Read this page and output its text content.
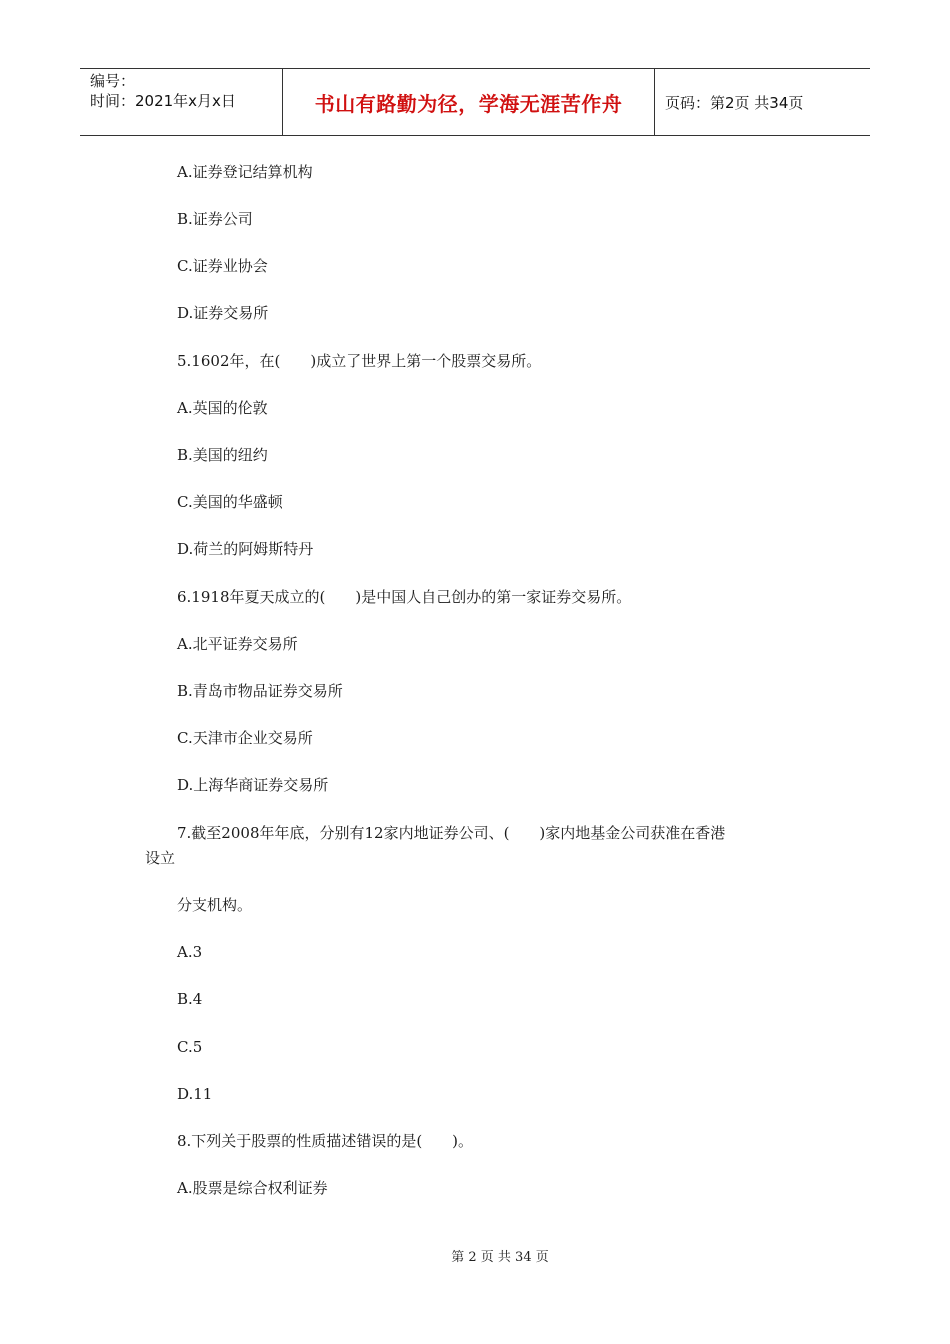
编号：
时间：2021年x月x日	书山有路勤为径，学海无涯苦作舟	页码：第2页 共34页
A.证券登记结算机构
B.证券公司
C.证券业协会
D.证券交易所
5.1602年，在(　　)成立了世界上第一个股票交易所。
A.英国的伦敦
B.美国的纽约
C.美国的华盛顿
D.荷兰的阿姆斯特丹
6.1918年夏天成立的(　　)是中国人自己创办的第一家证券交易所。
A.北平证券交易所
B.青岛市物品证券交易所
C.天津市企业交易所
D.上海华商证券交易所
7.截至2008年年底，分别有12家内地证券公司、(　　)家内地基金公司获准在香港
设立
分支机构。
A.3
B.4
C.5
D.11
8.下列关于股票的性质描述错误的是(　　)。
A.股票是综合权利证券
第 2 页 共 34 页
